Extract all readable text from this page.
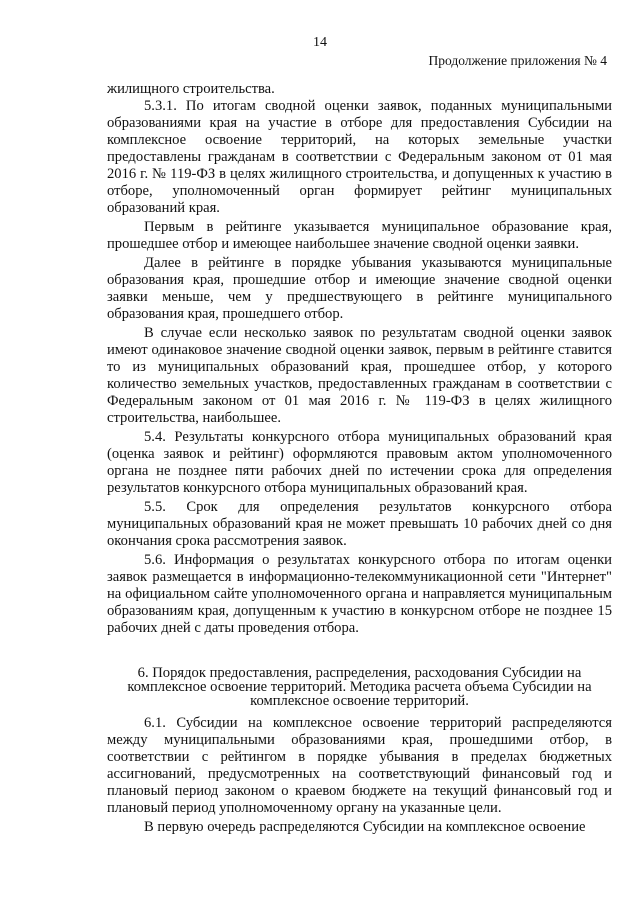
14
Продолжение приложения № 4

жилищного строительства.

5.3.1. По итогам сводной оценки заявок, поданных муниципальными образованиями края на участие в отборе для предоставления Субсидии на комплексное освоение территорий, на которых земельные участки предоставлены гражданам в соответствии с Федеральным законом от 01 мая 2016 г. № 119-ФЗ в целях жилищного строительства, и допущенных к участию в отборе, уполномоченный орган формирует рейтинг муниципальных образований края.

Первым в рейтинге указывается муниципальное образование края, прошедшее отбор и имеющее наибольшее значение сводной оценки заявки.

Далее в рейтинге в порядке убывания указываются муниципальные образования края, прошедшие отбор и имеющие значение сводной оценки заявки меньше, чем у предшествующего в рейтинге муниципального образования края, прошедшего отбор.

В случае если несколько заявок по результатам сводной оценки заявок имеют одинаковое значение сводной оценки заявок, первым в рейтинге ставится то из муниципальных образований края, прошедшее отбор, у которого количество земельных участков, предоставленных гражданам в соответствии с Федеральным законом от 01 мая 2016 г. № 119-ФЗ в целях жилищного строительства, наибольшее.

5.4. Результаты конкурсного отбора муниципальных образований края (оценка заявок и рейтинг) оформляются правовым актом уполномоченного органа не позднее пяти рабочих дней по истечении срока для определения результатов конкурсного отбора муниципальных образований края.

5.5. Срок для определения результатов конкурсного отбора муниципальных образований края не может превышать 10 рабочих дней со дня окончания срока рассмотрения заявок.

5.6. Информация о результатах конкурсного отбора по итогам оценки заявок размещается в информационно-телекоммуникационной сети "Интернет" на официальном сайте уполномоченного органа и направляется муниципальным образованиям края, допущенным к участию в конкурсном отборе не позднее 15 рабочих дней с даты проведения отбора.

6. Порядок предоставления, распределения, расходования Субсидии на комплексное освоение территорий. Методика расчета объема Субсидии на комплексное освоение территорий.

6.1. Субсидии на комплексное освоение территорий распределяются между муниципальными образованиями края, прошедшими отбор, в соответствии с рейтингом в порядке убывания в пределах бюджетных ассигнований, предусмотренных на соответствующий финансовый год и плановый период законом о краевом бюджете на текущий финансовый год и плановый период уполномоченному органу на указанные цели.

В первую очередь распределяются Субсидии на комплексное освоение
